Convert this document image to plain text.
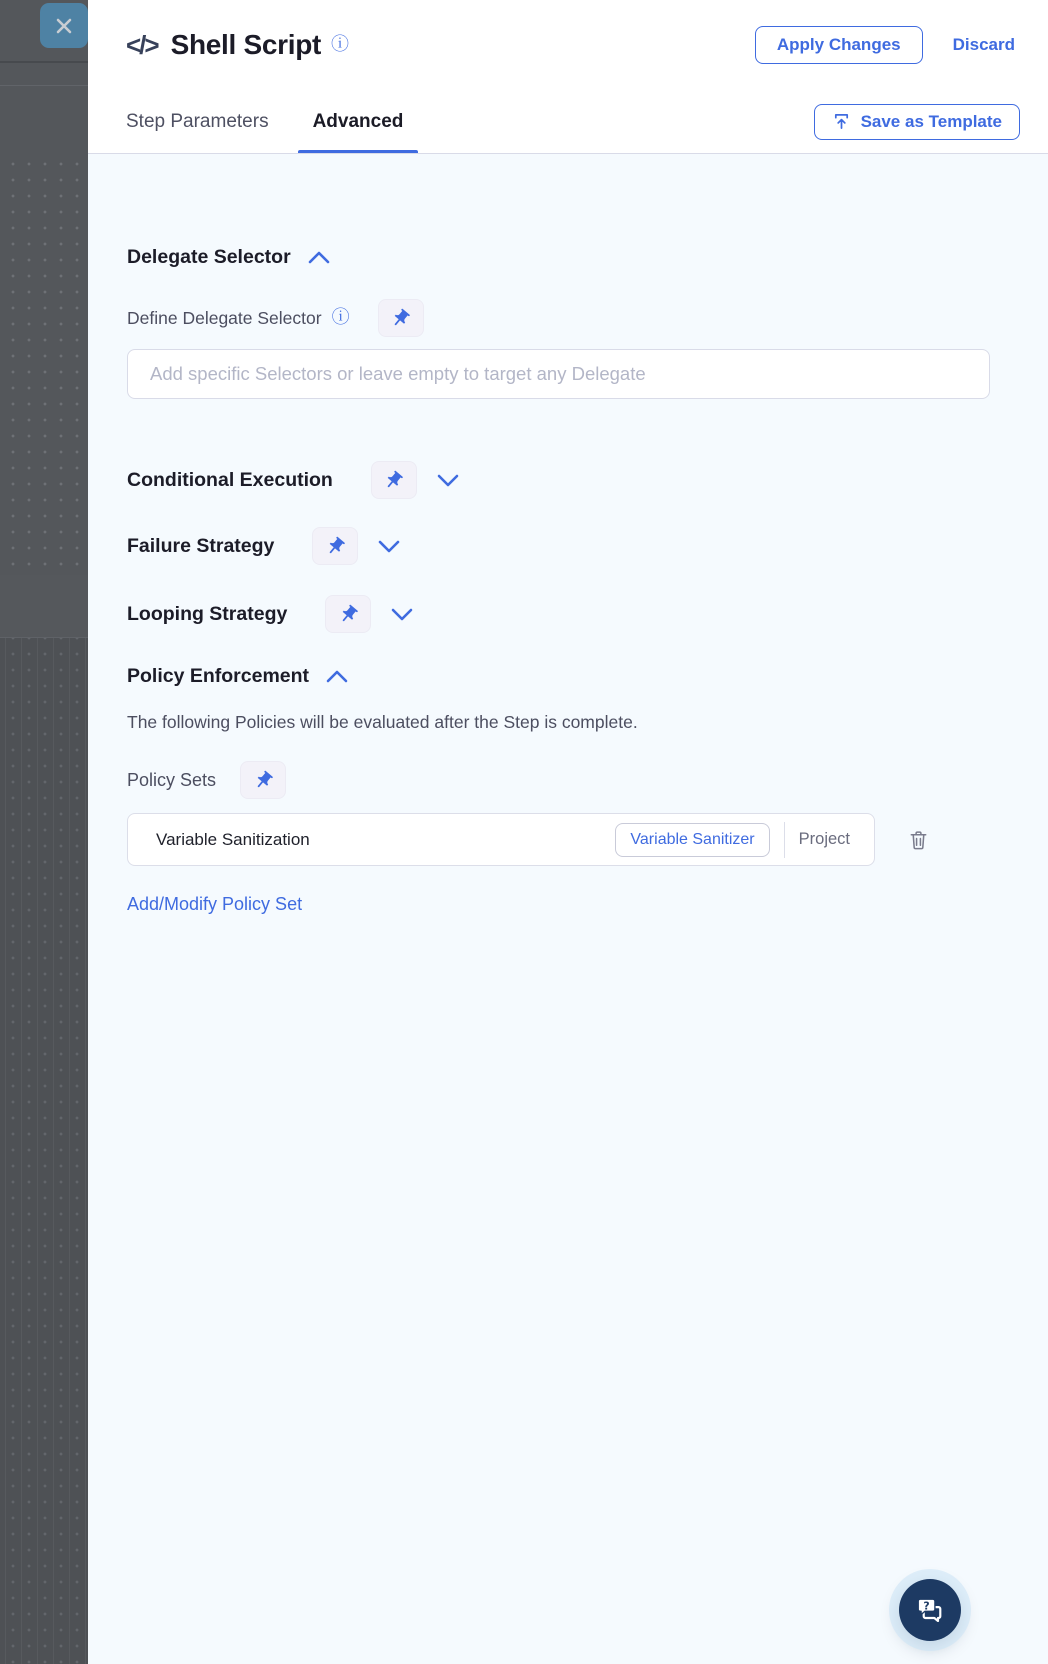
</> Shell Script ⓘ	Apply Changes	Discard
Step Parameters Advanced	Save as Template
Delegate Selector
Define Delegate Selector ⓘ
Add specific Selectors or leave empty to target any Delegate
Conditional Execution
Failure Strategy
Looping Strategy
Policy Enforcement
The following Policies will be evaluated after the Step is complete.
Policy Sets
Variable Sanitization	Variable Sanitizer	Project
Add/Modify Policy Set
?
